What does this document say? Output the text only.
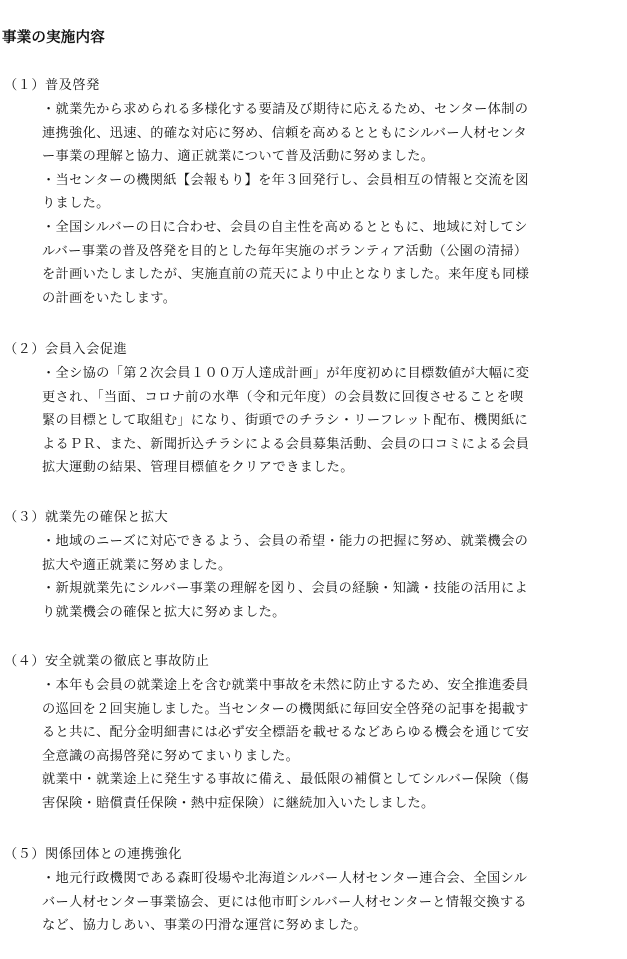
事業の実施内容
（１）普及啓発
・就業先から求められる多様化する要請及び期待に応えるため、センター体制の
連携強化、迅速、的確な対応に努め、信頼を高めるとともにシルバー人材センタ
ー事業の理解と協力、適正就業について普及活動に努めました。
・当センターの機関紙【会報もり】を年３回発行し、会員相互の情報と交流を図
りました。
・全国シルバーの日に合わせ、会員の自主性を高めるとともに、地域に対してシ
ルバー事業の普及啓発を目的とした毎年実施のボランティア活動（公園の清掃）
を計画いたしましたが、実施直前の荒天により中止となりました。来年度も同様
の計画をいたします。
（２）会員入会促進
・全シ協の「第２次会員１００万人達成計画」が年度初めに目標数値が大幅に変
更され、「当面、コロナ前の水準（令和元年度）の会員数に回復させることを喫
緊の目標として取組む」になり、街頭でのチラシ・リーフレット配布、機関紙に
よるＰＲ、また、新聞折込チラシによる会員募集活動、会員の口コミによる会員
拡大運動の結果、管理目標値をクリアできました。
（３）就業先の確保と拡大
・地域のニーズに対応できるよう、会員の希望・能力の把握に努め、就業機会の
拡大や適正就業に努めました。
・新規就業先にシルバー事業の理解を図り、会員の経験・知識・技能の活用によ
り就業機会の確保と拡大に努めました。
（４）安全就業の徹底と事故防止
・本年も会員の就業途上を含む就業中事故を未然に防止するため、安全推進委員
の巡回を２回実施しました。当センターの機関紙に毎回安全啓発の記事を掲載す
ると共に、配分金明細書には必ず安全標語を載せるなどあらゆる機会を通じて安
全意識の高揚啓発に努めてまいりました。
就業中・就業途上に発生する事故に備え、最低限の補償としてシルバー保険（傷
害保険・賠償責任保険・熱中症保険）に継続加入いたしました。
（５）関係団体との連携強化
・地元行政機関である森町役場や北海道シルバー人材センター連合会、全国シル
バー人材センター事業協会、更には他市町シルバー人材センターと情報交換する
など、協力しあい、事業の円滑な運営に努めました。
